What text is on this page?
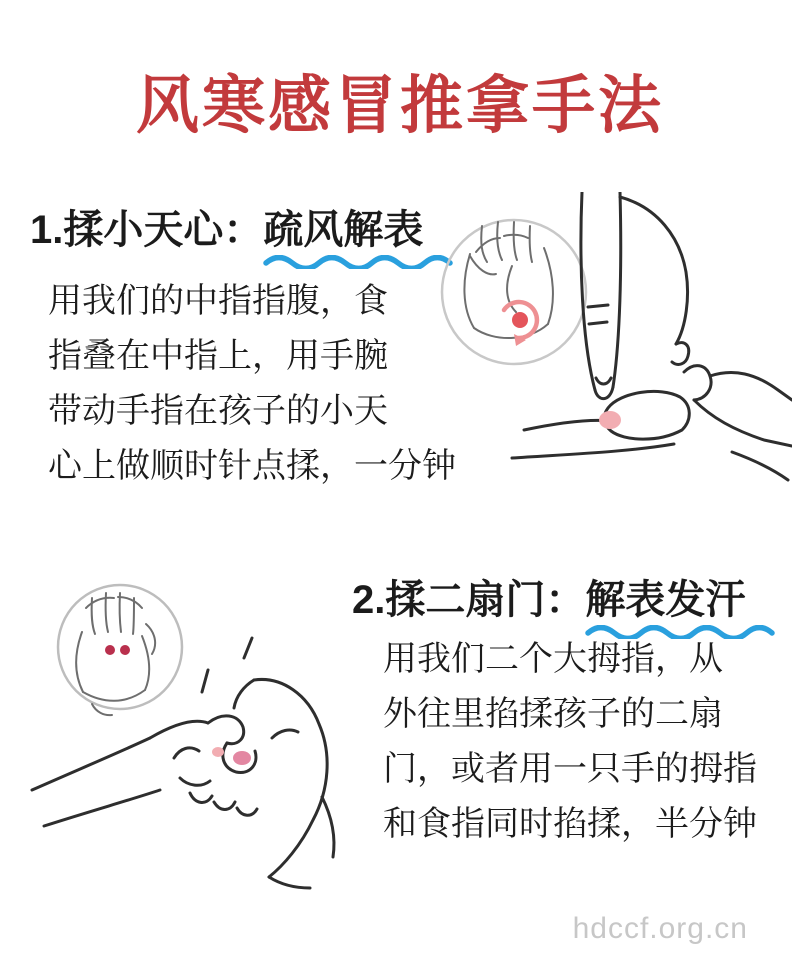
风寒感冒推拿手法
1.揉小天心：疏风解表
用我们的中指指腹，食
指叠在中指上，用手腕
带动手指在孩子的小天
心上做顺时针点揉，一分钟
2.揉二扇门：解表发汗
用我们二个大拇指，从
外往里掐揉孩子的二扇
门，或者用一只手的拇指
和食指同时掐揉，半分钟
hdccf.org.cn
